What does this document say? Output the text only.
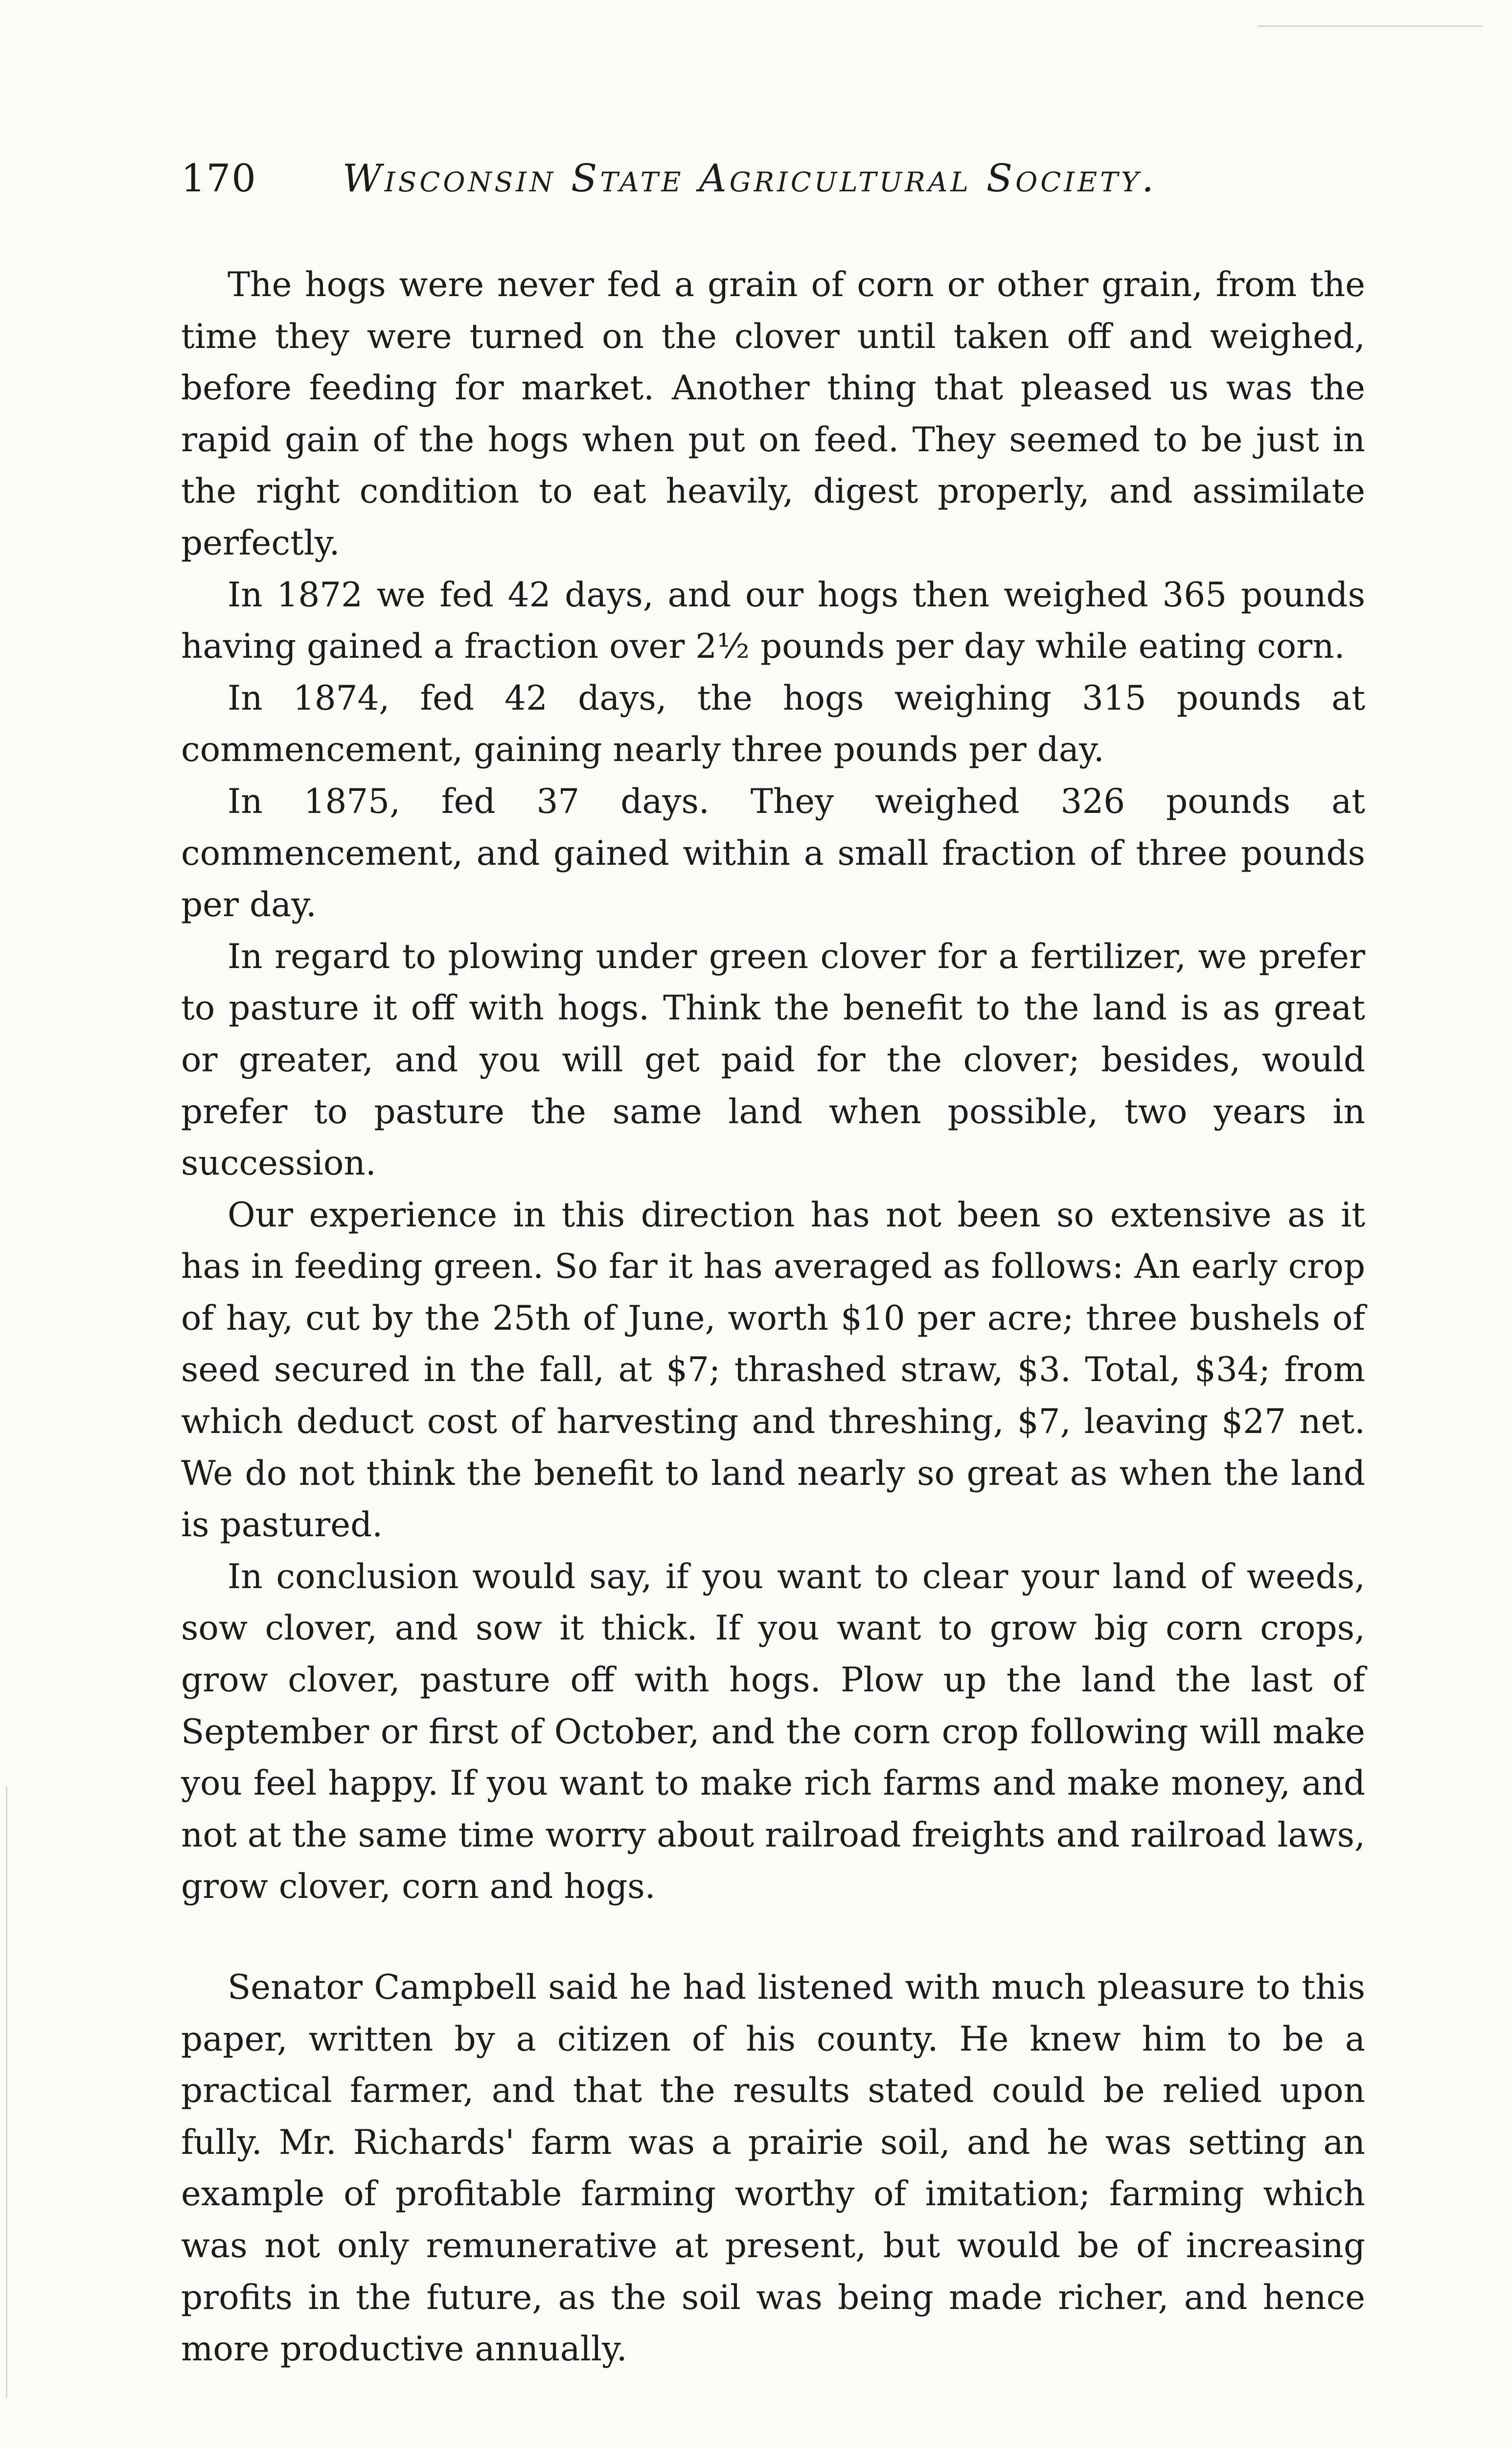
170 Wisconsin State Agricultural Society.

The hogs were never fed a grain of corn or other grain, from the time they were turned on the clover until taken off and weighed, before feeding for market. Another thing that pleased us was the rapid gain of the hogs when put on feed. They seemed to be just in the right condition to eat heavily, digest properly, and assimilate perfectly.

In 1872 we fed 42 days, and our hogs then weighed 365 pounds having gained a fraction over 2½ pounds per day while eating corn.

In 1874, fed 42 days, the hogs weighing 315 pounds at commencement, gaining nearly three pounds per day.

In 1875, fed 37 days. They weighed 326 pounds at commencement, and gained within a small fraction of three pounds per day.

In regard to plowing under green clover for a fertilizer, we prefer to pasture it off with hogs. Think the benefit to the land is as great or greater, and you will get paid for the clover; besides, would prefer to pasture the same land when possible, two years in succession.

Our experience in this direction has not been so extensive as it has in feeding green. So far it has averaged as follows: An early crop of hay, cut by the 25th of June, worth $10 per acre; three bushels of seed secured in the fall, at $7; thrashed straw, $3. Total, $34; from which deduct cost of harvesting and threshing, $7, leaving $27 net. We do not think the benefit to land nearly so great as when the land is pastured.

In conclusion would say, if you want to clear your land of weeds, sow clover, and sow it thick. If you want to grow big corn crops, grow clover, pasture off with hogs. Plow up the land the last of September or first of October, and the corn crop following will make you feel happy. If you want to make rich farms and make money, and not at the same time worry about railroad freights and railroad laws, grow clover, corn and hogs.

Senator Campbell said he had listened with much pleasure to this paper, written by a citizen of his county. He knew him to be a practical farmer, and that the results stated could be relied upon fully. Mr. Richards' farm was a prairie soil, and he was setting an example of profitable farming worthy of imitation; farming which was not only remunerative at present, but would be of increasing profits in the future, as the soil was being made richer, and hence more productive annually.
